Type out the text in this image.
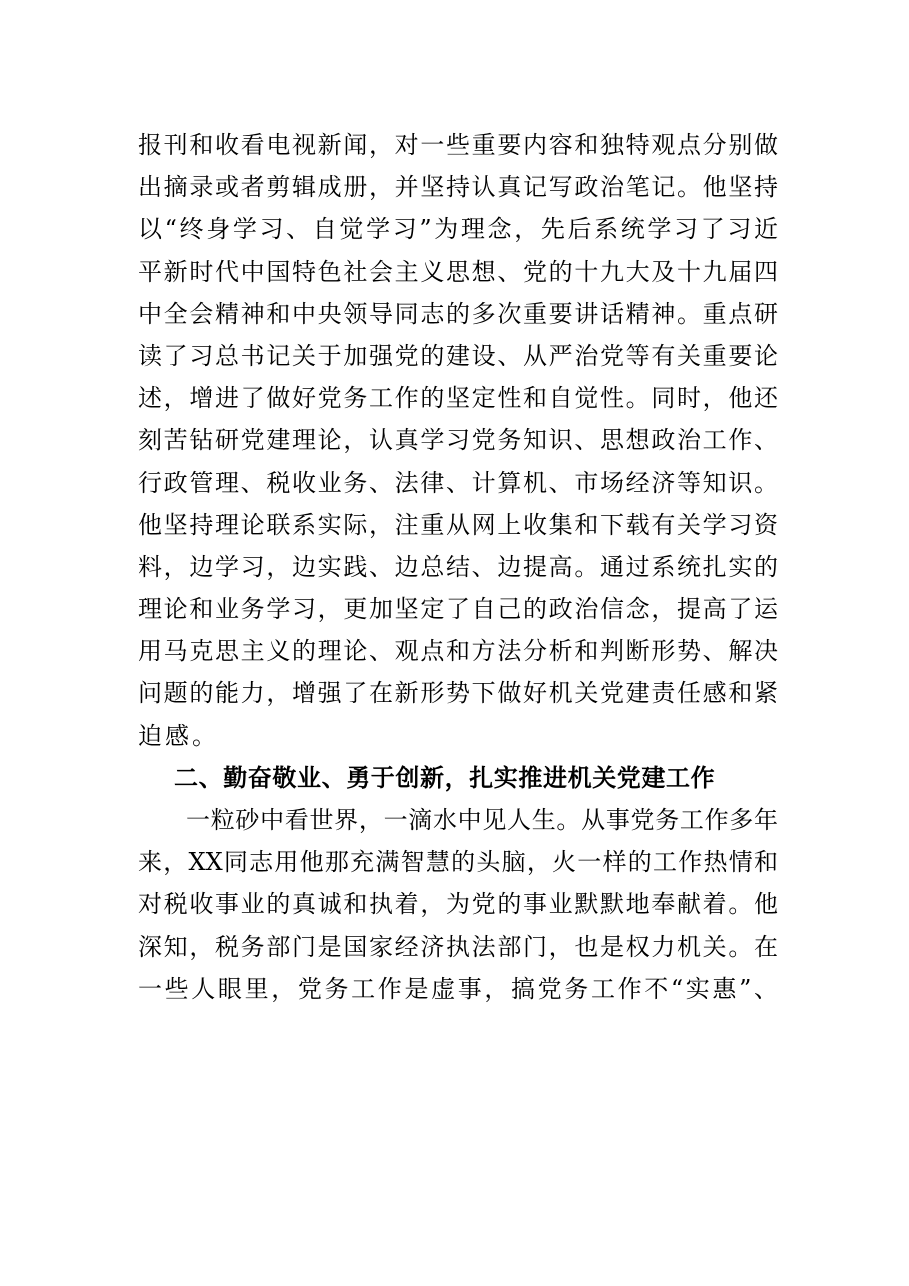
报刊和收看电视新闻，对一些重要内容和独特观点分别做
出摘录或者剪辑成册，并坚持认真记写政治笔记。他坚持
以“终身学习、自觉学习”为理念，先后系统学习了习近
平新时代中国特色社会主义思想、党的十九大及十九届四
中全会精神和中央领导同志的多次重要讲话精神。重点研
读了习总书记关于加强党的建设、从严治党等有关重要论
述，增进了做好党务工作的坚定性和自觉性。同时，他还
刻苦钻研党建理论，认真学习党务知识、思想政治工作、
行政管理、税收业务、法律、计算机、市场经济等知识。
他坚持理论联系实际，注重从网上收集和下载有关学习资
料，边学习，边实践、边总结、边提高。通过系统扎实的
理论和业务学习，更加坚定了自己的政治信念，提高了运
用马克思主义的理论、观点和方法分析和判断形势、解决
问题的能力，增强了在新形势下做好机关党建责任感和紧
迫感。
二、勤奋敬业、勇于创新，扎实推进机关党建工作
一粒砂中看世界，一滴水中见人生。从事党务工作多年
来，XX同志用他那充满智慧的头脑，火一样的工作热情和
对税收事业的真诚和执着，为党的事业默默地奉献着。他
深知，税务部门是国家经济执法部门，也是权力机关。在
一些人眼里，党务工作是虚事，搞党务工作不“实惠”、
